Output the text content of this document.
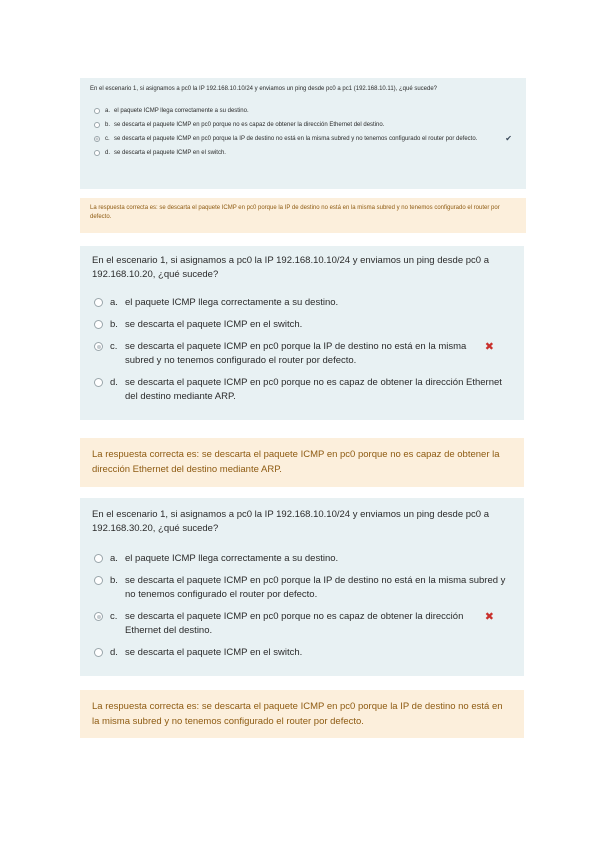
En el escenario 1, si asignamos a pc0 la IP 192.168.10.10/24 y enviamos un ping desde pc0 a pc1 (192.168.10.11), ¿qué sucede?

a. el paquete ICMP llega correctamente a su destino.
b. se descarta el paquete ICMP en pc0 porque no es capaz de obtener la dirección Ethernet del destino.
c. se descarta el paquete ICMP en pc0 porque la IP de destino no está en la misma subred y no tenemos configurado el router por defecto.	✔
d. se descarta el paquete ICMP en el switch.
La respuesta correcta es: se descarta el paquete ICMP en pc0 porque la IP de destino no está en la misma subred y no tenemos configurado el router por defecto.

En el escenario 1, si asignamos a pc0 la IP 192.168.10.10/24 y enviamos un ping desde pc0 a 192.168.10.20, ¿qué sucede?

a. el paquete ICMP llega correctamente a su destino.
b. se descarta el paquete ICMP en el switch.
c. se descarta el paquete ICMP en pc0 porque la IP de destino no está en la misma subred y no tenemos configurado el router por defecto.
✖
d. se descarta el paquete ICMP en pc0 porque no es capaz de obtener la dirección Ethernet del destino mediante ARP.
La respuesta correcta es: se descarta el paquete ICMP en pc0 porque no es capaz de obtener la dirección Ethernet del destino mediante ARP.

En el escenario 1, si asignamos a pc0 la IP 192.168.10.10/24 y enviamos un ping desde pc0 a 192.168.30.20, ¿qué sucede?

a. el paquete ICMP llega correctamente a su destino.
b. se descarta el paquete ICMP en pc0 porque la IP de destino no está en la misma subred y no tenemos configurado el router por defecto.
c. se descarta el paquete ICMP en pc0 porque no es capaz de obtener la dirección Ethernet del destino.
✖
d. se descarta el paquete ICMP en el switch.
La respuesta correcta es: se descarta el paquete ICMP en pc0 porque la IP de destino no está en la misma subred y no tenemos configurado el router por defecto.
